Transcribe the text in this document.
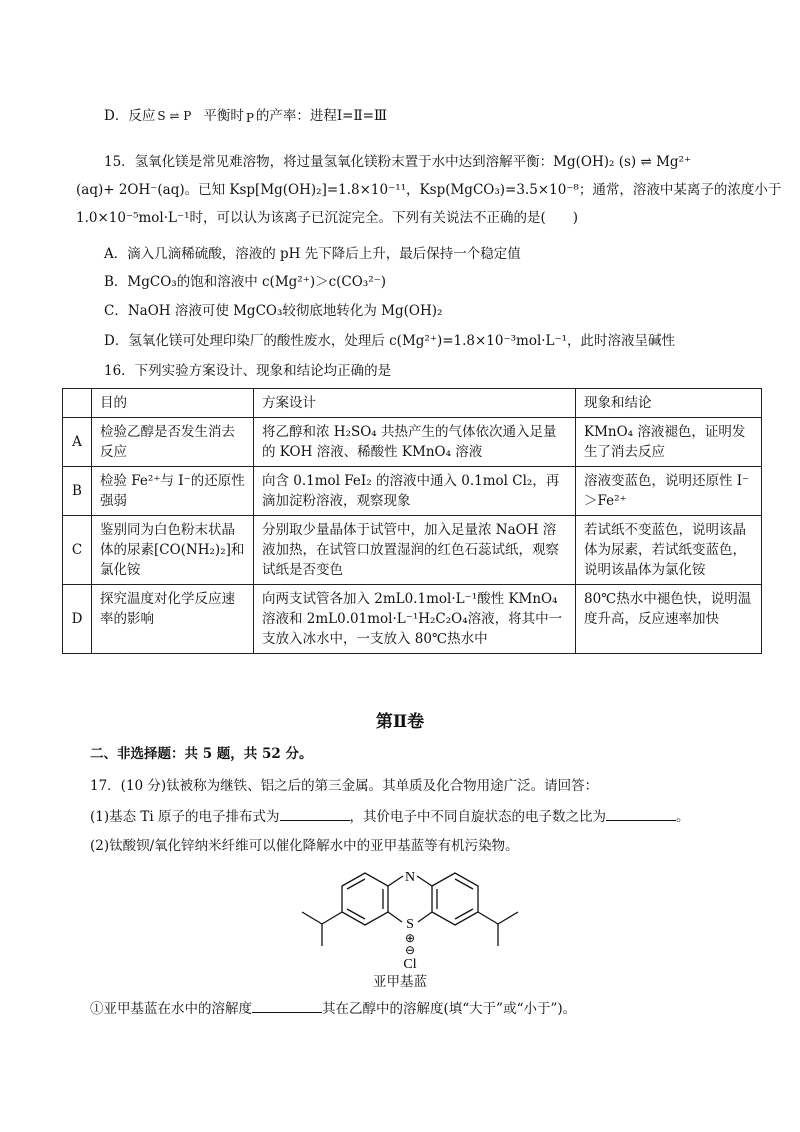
D．反应 S ⇌ P 平衡时 P 的产率：进程Ⅰ=Ⅱ=Ⅲ
15．氢氧化镁是常见难溶物，将过量氢氧化镁粉末置于水中达到溶解平衡：Mg(OH)₂ (s) ⇌ Mg²⁺
(aq)+ 2OH⁻(aq)。已知 Ksp[Mg(OH)₂]=1.8×10⁻¹¹，Ksp(MgCO₃)=3.5×10⁻⁸；通常，溶液中某离子的浓度小于
1.0×10⁻⁵mol·L⁻¹时，可以认为该离子已沉淀完全。下列有关说法不正确的是(　　)
A．滴入几滴稀硫酸，溶液的 pH 先下降后上升，最后保持一个稳定值
B．MgCO₃的饱和溶液中 c(Mg²⁺)＞c(CO₃²⁻)
C．NaOH 溶液可使 MgCO₃较彻底地转化为 Mg(OH)₂
D．氢氧化镁可处理印染厂的酸性废水，处理后 c(Mg²⁺)=1.8×10⁻³mol·L⁻¹，此时溶液呈碱性
16．下列实验方案设计、现象和结论均正确的是
	目的	方案设计	现象和结论
A	检验乙醇是否发生消去反应	将乙醇和浓 H₂SO₄ 共热产生的气体依次通入足量的 KOH 溶液、稀酸性 KMnO₄ 溶液	KMnO₄ 溶液褪色，证明发生了消去反应
B	检验 Fe²⁺与 I⁻的还原性强弱	向含 0.1mol FeI₂ 的溶液中通入 0.1mol Cl₂，再滴加淀粉溶液，观察现象	溶液变蓝色，说明还原性 I⁻＞Fe²⁺
C	鉴别同为白色粉末状晶体的尿素[CO(NH₂)₂]和氯化铵	分别取少量晶体于试管中，加入足量浓 NaOH 溶液加热，在试管口放置湿润的红色石蕊试纸，观察试纸是否变色	若试纸不变蓝色，说明该晶体为尿素，若试纸变蓝色，说明该晶体为氯化铵
D	探究温度对化学反应速率的影响	向两支试管各加入 2mL0.1mol·L⁻¹酸性 KMnO₄ 溶液和 2mL0.01mol·L⁻¹H₂C₂O₄溶液，将其中一支放入冰水中，一支放入 80℃热水中	80℃热水中褪色快，说明温度升高，反应速率加快
第Ⅱ卷
二、非选择题：共 5 题，共 52 分。
17．(10 分)钛被称为继铁、铝之后的第三金属。其单质及化合物用途广泛。请回答：
(1)基态 Ti 原子的电子排布式为	，其价电子中不同自旋状态的电子数之比为	。
(2)钛酸钡/氧化锌纳米纤维可以催化降解水中的亚甲基蓝等有机污染物。
N
S
⊕
⊖
Cl
亚甲基蓝
①亚甲基蓝在水中的溶解度	其在乙醇中的溶解度(填“大于”或“小于”)。
